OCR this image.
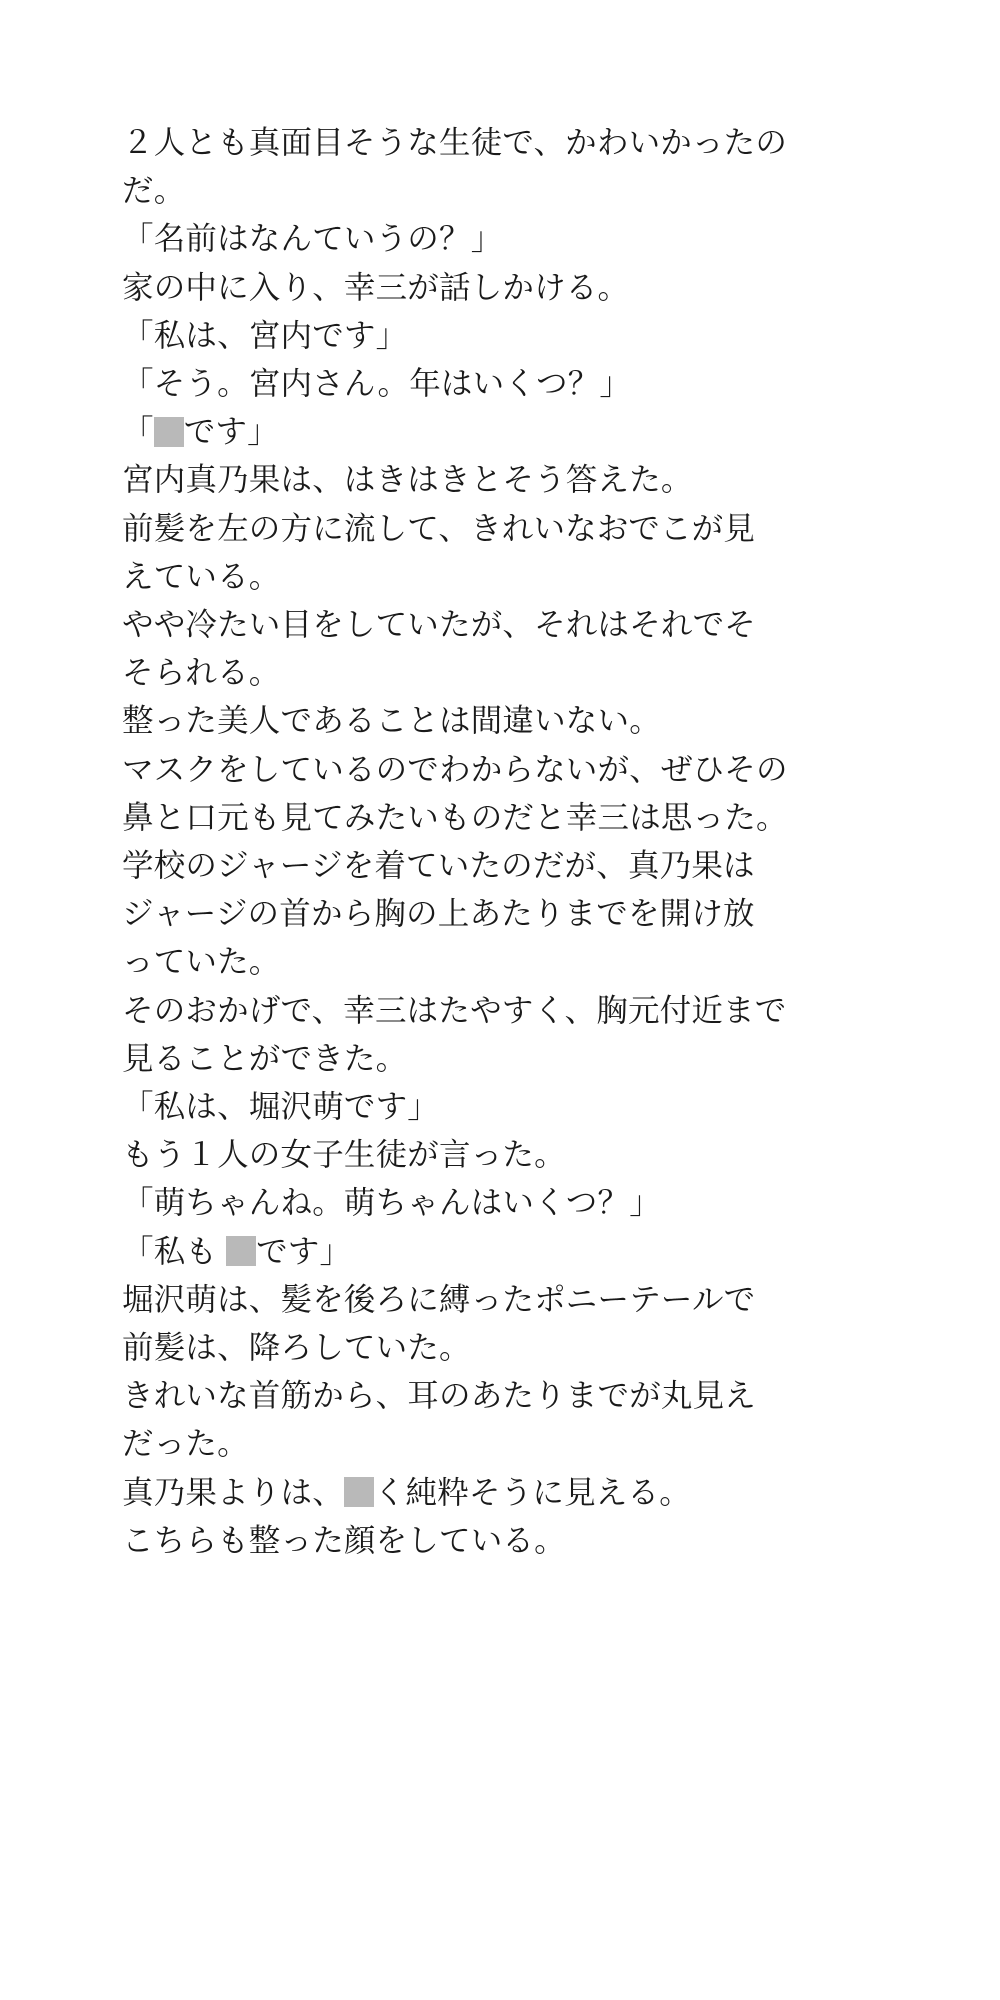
２人とも真面目そうな生徒で、かわいかったの
だ。
「名前はなんていうの？」
家の中に入り、幸三が話しかける。
「私は、宮内です」
「そう。宮内さん。年はいくつ？」
「 です」
宮内真乃果は、はきはきとそう答えた。
前髪を左の方に流して、きれいなおでこが見
えている。
やや冷たい目をしていたが、それはそれでそ
そられる。
整った美人であることは間違いない。
マスクをしているのでわからないが、ぜひその
鼻と口元も見てみたいものだと幸三は思った。
学校のジャージを着ていたのだが、真乃果は
ジャージの首から胸の上あたりまでを開け放
っていた。
そのおかげで、幸三はたやすく、胸元付近まで
見ることができた。
「私は、堀沢萌です」
もう１人の女子生徒が言った。
「萌ちゃんね。萌ちゃんはいくつ？」
「私も です」
堀沢萌は、髪を後ろに縛ったポニーテールで
前髪は、降ろしていた。
きれいな首筋から、耳のあたりまでが丸見え
だった。
真乃果よりは、 く純粋そうに見える。
こちらも整った顔をしている。
